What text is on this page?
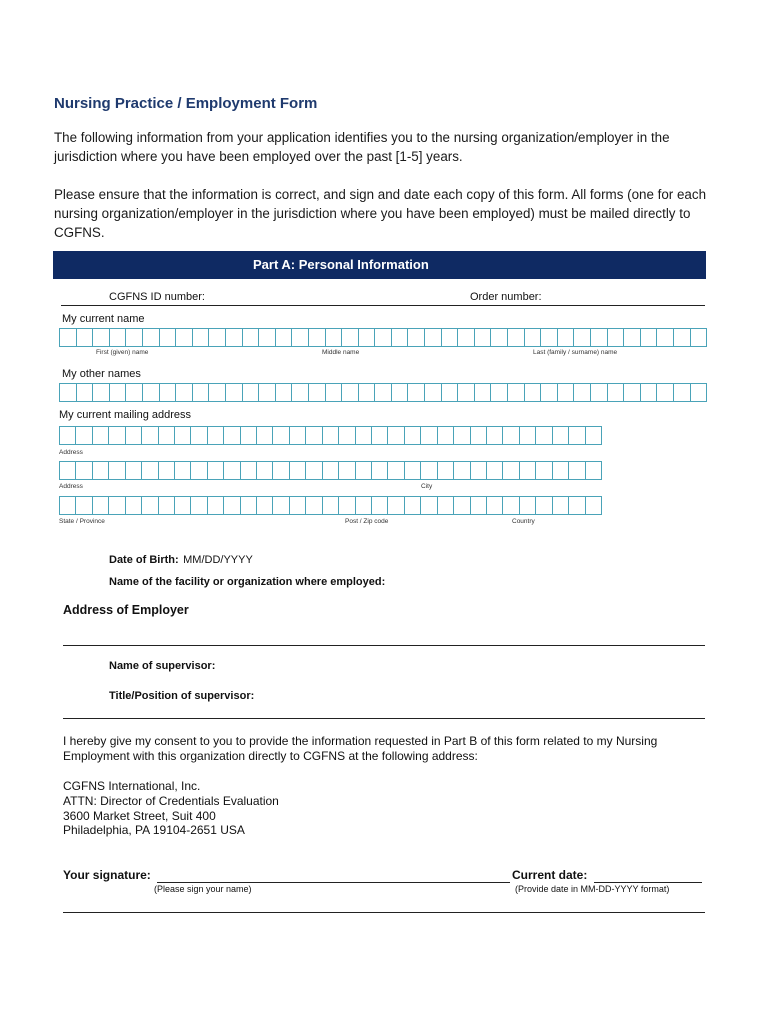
Nursing Practice / Employment Form
The following information from your application identifies you to the nursing organization/employer in the jurisdiction where you have been employed over the past [1-5] years.
Please ensure that the information is correct, and sign and date each copy of this form. All forms (one for each nursing organization/employer in the jurisdiction where you have been employed) must be mailed directly to CGFNS.
Part A: Personal Information
CGFNS ID number:	Order number:
My current name
First (given) name	Middle name	Last (family / surname) name
My other names
My current mailing address
Address
Address	City
State / Province	Post / Zip code	Country
Date of Birth: MM/DD/YYYY
Name of the facility or organization where employed:
Address of Employer
Name of supervisor:
Title/Position of supervisor:
I hereby give my consent to you to provide the information requested in Part B of this form related to my Nursing Employment with this organization directly to CGFNS at the following address:
CGFNS International, Inc.
ATTN: Director of Credentials Evaluation
3600 Market Street, Suit 400
Philadelphia, PA 19104-2651 USA
Your signature:	Current date:
(Please sign your name)	(Provide date in MM-DD-YYYY format)
